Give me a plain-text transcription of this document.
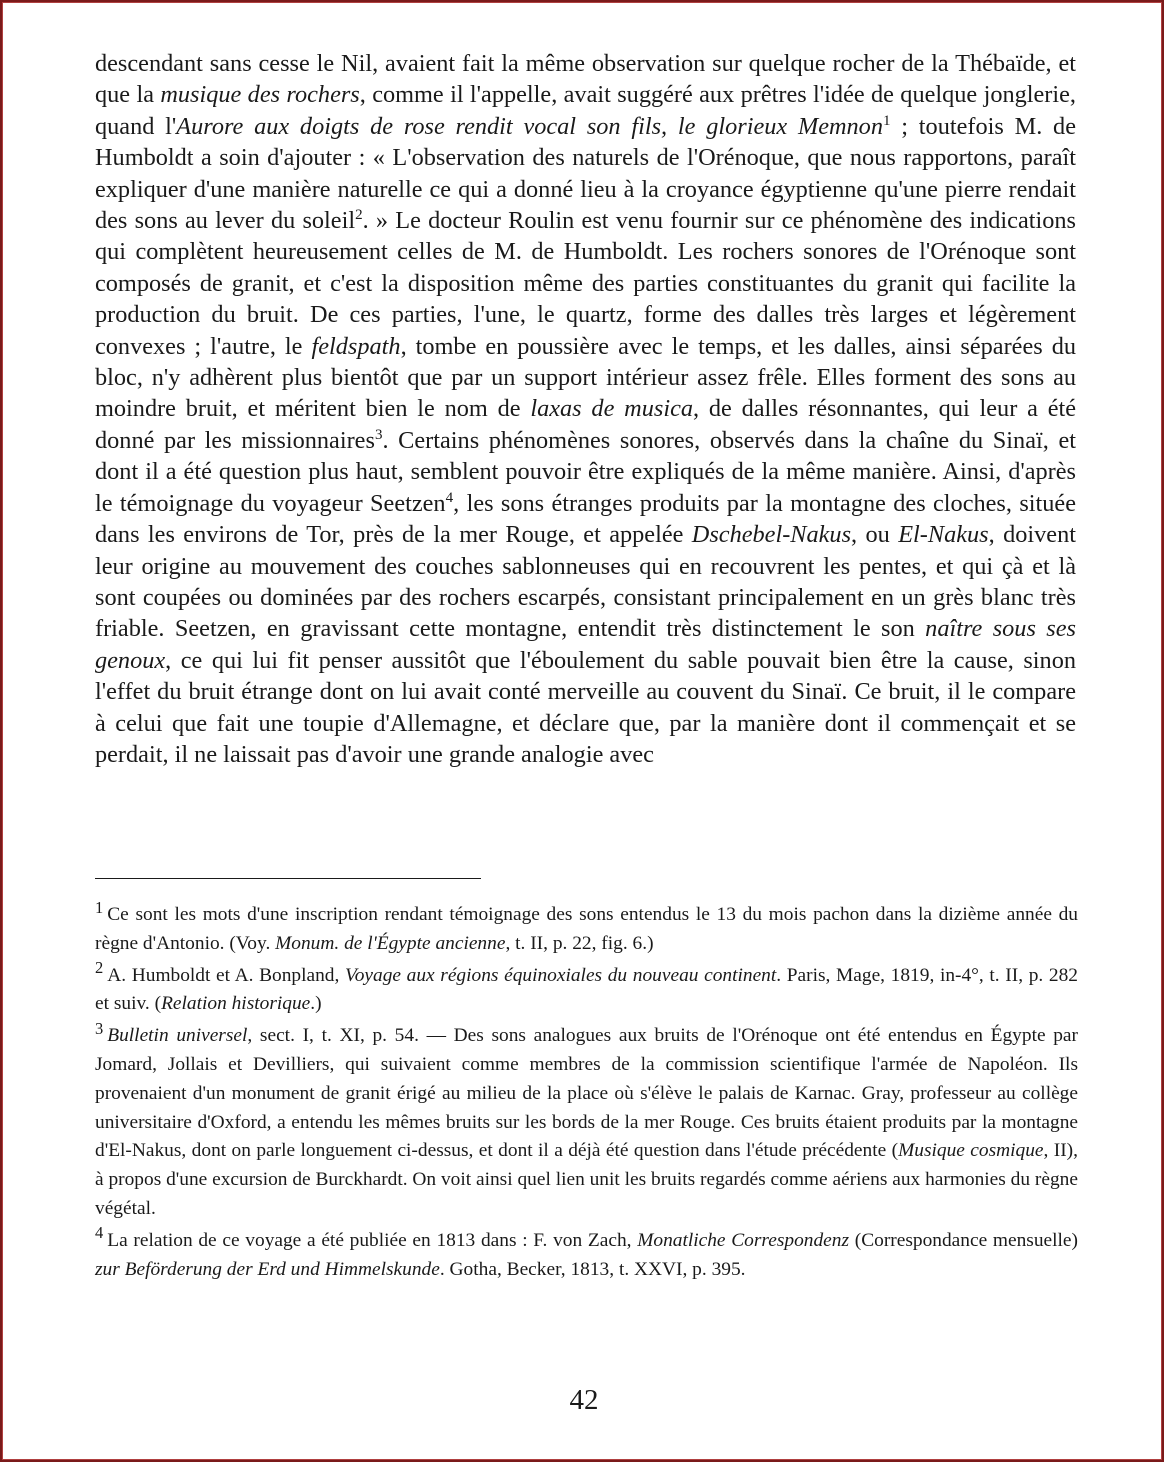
descendant sans cesse le Nil, avaient fait la même observation sur quelque rocher de la Thébaïde, et que la musique des rochers, comme il l'appelle, avait suggéré aux prêtres l'idée de quelque jonglerie, quand l'Aurore aux doigts de rose rendit vocal son fils, le glorieux Memnon$^1$ ; toutefois M. de Humboldt a soin d'ajouter : « L'observation des naturels de l'Orénoque, que nous rapportons, paraît expliquer d'une manière naturelle ce qui a donné lieu à la croyance égyptienne qu'une pierre rendait des sons au lever du soleil$^2$. » Le docteur Roulin est venu fournir sur ce phénomène des indications qui complètent heureusement celles de M. de Humboldt. Les rochers sonores de l'Orénoque sont composés de granit, et c'est la disposition même des parties constituantes du granit qui facilite la production du bruit. De ces parties, l'une, le quartz, forme des dalles très larges et légèrement convexes ; l'autre, le feldspath, tombe en poussière avec le temps, et les dalles, ainsi séparées du bloc, n'y adhèrent plus bientôt que par un support intérieur assez frêle. Elles forment des sons au moindre bruit, et méritent bien le nom de laxas de musica, de dalles résonnantes, qui leur a été donné par les missionnaires$^3$. Certains phénomènes sonores, observés dans la chaîne du Sinaï, et dont il a été question plus haut, semblent pouvoir être expliqués de la même manière. Ainsi, d'après le témoignage du voyageur Seetzen$^4$, les sons étranges produits par la montagne des cloches, située dans les environs de Tor, près de la mer Rouge, et appelée Dschebel-Nakus, ou El-Nakus, doivent leur origine au mouvement des couches sablonneuses qui en recouvrent les pentes, et qui çà et là sont coupées ou dominées par des rochers escarpés, consistant principalement en un grès blanc très friable. Seetzen, en gravissant cette montagne, entendit très distinctement le son naître sous ses genoux, ce qui lui fit penser aussitôt que l'éboulement du sable pouvait bien être la cause, sinon l'effet du bruit étrange dont on lui avait conté merveille au couvent du Sinaï. Ce bruit, il le compare à celui que fait une toupie d'Allemagne, et déclare que, par la manière dont il commençait et se perdait, il ne laissait pas d'avoir une grande analogie avec

$^1$ Ce sont les mots d'une inscription rendant témoignage des sons entendus le 13 du mois pachon dans la dizième année du règne d'Antonio. (Voy. Monum. de l'Égypte ancienne, t. II, p. 22, fig. 6.)

$^2$ A. Humboldt et A. Bonpland, Voyage aux régions équinoxiales du nouveau continent. Paris, Mage, 1819, in-4°, t. II, p. 282 et suiv. (Relation historique.)

$^3$ Bulletin universel, sect. I, t. XI, p. 54. — Des sons analogues aux bruits de l'Orénoque ont été entendus en Égypte par Jomard, Jollais et Devilliers, qui suivaient comme membres de la commission scientifique l'armée de Napoléon. Ils provenaient d'un monument de granit érigé au milieu de la place où s'élève le palais de Karnac. Gray, professeur au collège universitaire d'Oxford, a entendu les mêmes bruits sur les bords de la mer Rouge. Ces bruits étaient produits par la montagne d'El-Nakus, dont on parle longuement ci-dessus, et dont il a déjà été question dans l'étude précédente (Musique cosmique, II), à propos d'une excursion de Burckhardt. On voit ainsi quel lien unit les bruits regardés comme aériens aux harmonies du règne végétal.

$^4$ La relation de ce voyage a été publiée en 1813 dans : F. von Zach, Monatliche Correspondenz (Correspondance mensuelle) zur Beförderung der Erd und Himmelskunde. Gotha, Becker, 1813, t. XXVI, p. 395.

42
